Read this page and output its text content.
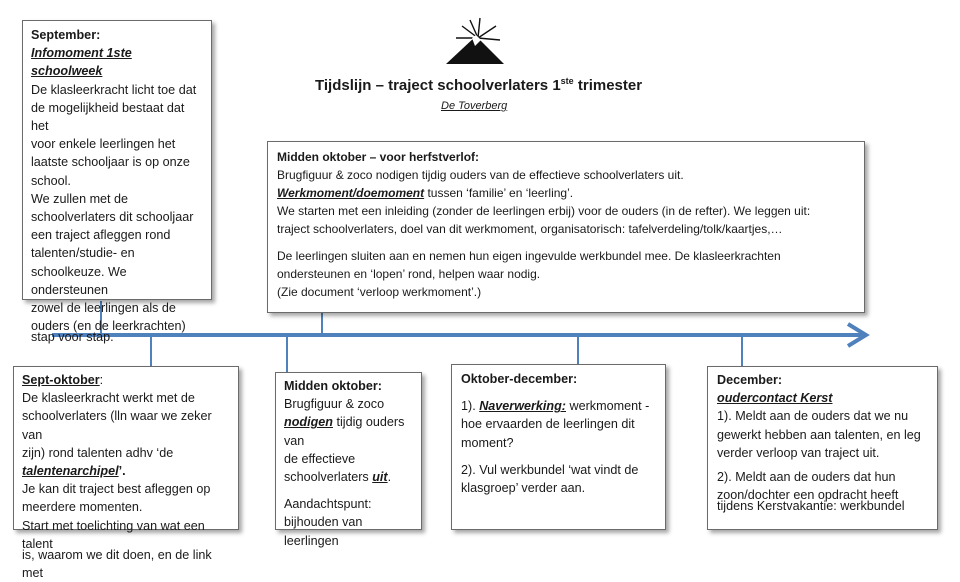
Tijdslijn – traject schoolverlaters 1ste trimester
De Toverberg

September:

Infomoment 1ste schoolweek

De klasleerkracht licht toe dat

de mogelijkheid bestaat dat het

voor enkele leerlingen het

laatste schooljaar is op onze

school.

We zullen met de

schoolverlaters dit schooljaar

een traject afleggen rond

talenten/studie- en

schoolkeuze. We ondersteunen

zowel de leerlingen als de

ouders (en de leerkrachten)

stap voor stap.

Midden oktober – voor herfstverlof:

Brugfiguur & zoco nodigen tijdig ouders van de effectieve schoolverlaters uit.

Werkmoment/doemoment tussen ‘familie’ en ‘leerling’.

We starten met een inleiding (zonder de leerlingen erbij) voor de ouders (in de refter). We leggen uit:

traject schoolverlaters, doel van dit werkmoment, organisatorisch: tafelverdeling/tolk/kaartjes,…

De leerlingen sluiten aan en nemen hun eigen ingevulde werkbundel mee. De klasleerkrachten

ondersteunen en ‘lopen’ rond, helpen waar nodig.

(Zie document ‘verloop werkmoment’.)

Sept-oktober:

De klasleerkracht werkt met de

schoolverlaters (lln waar we zeker van

zijn) rond talenten adhv ‘de

talentenarchipel’.

Je kan dit traject best afleggen op

meerdere momenten.

Start met toelichting van wat een talent

is, waarom we dit doen, en de link met

Midden oktober:

Brugfiguur & zoco

nodigen tijdig ouders van

de effectieve

schoolverlaters uit.

Aandachtspunt:

bijhouden van leerlingen

Oktober-december:

1). Naverwerking: werkmoment -

hoe ervaarden de leerlingen dit

moment?

2). Vul werkbundel ‘wat vindt de

klasgroep’ verder aan.

December:

oudercontact Kerst

1). Meldt aan de ouders dat we nu

gewerkt hebben aan talenten, en leg

verder verloop van traject uit.

2). Meldt aan de ouders dat hun

zoon/dochter een opdracht heeft

tijdens Kerstvakantie: werkbundel
